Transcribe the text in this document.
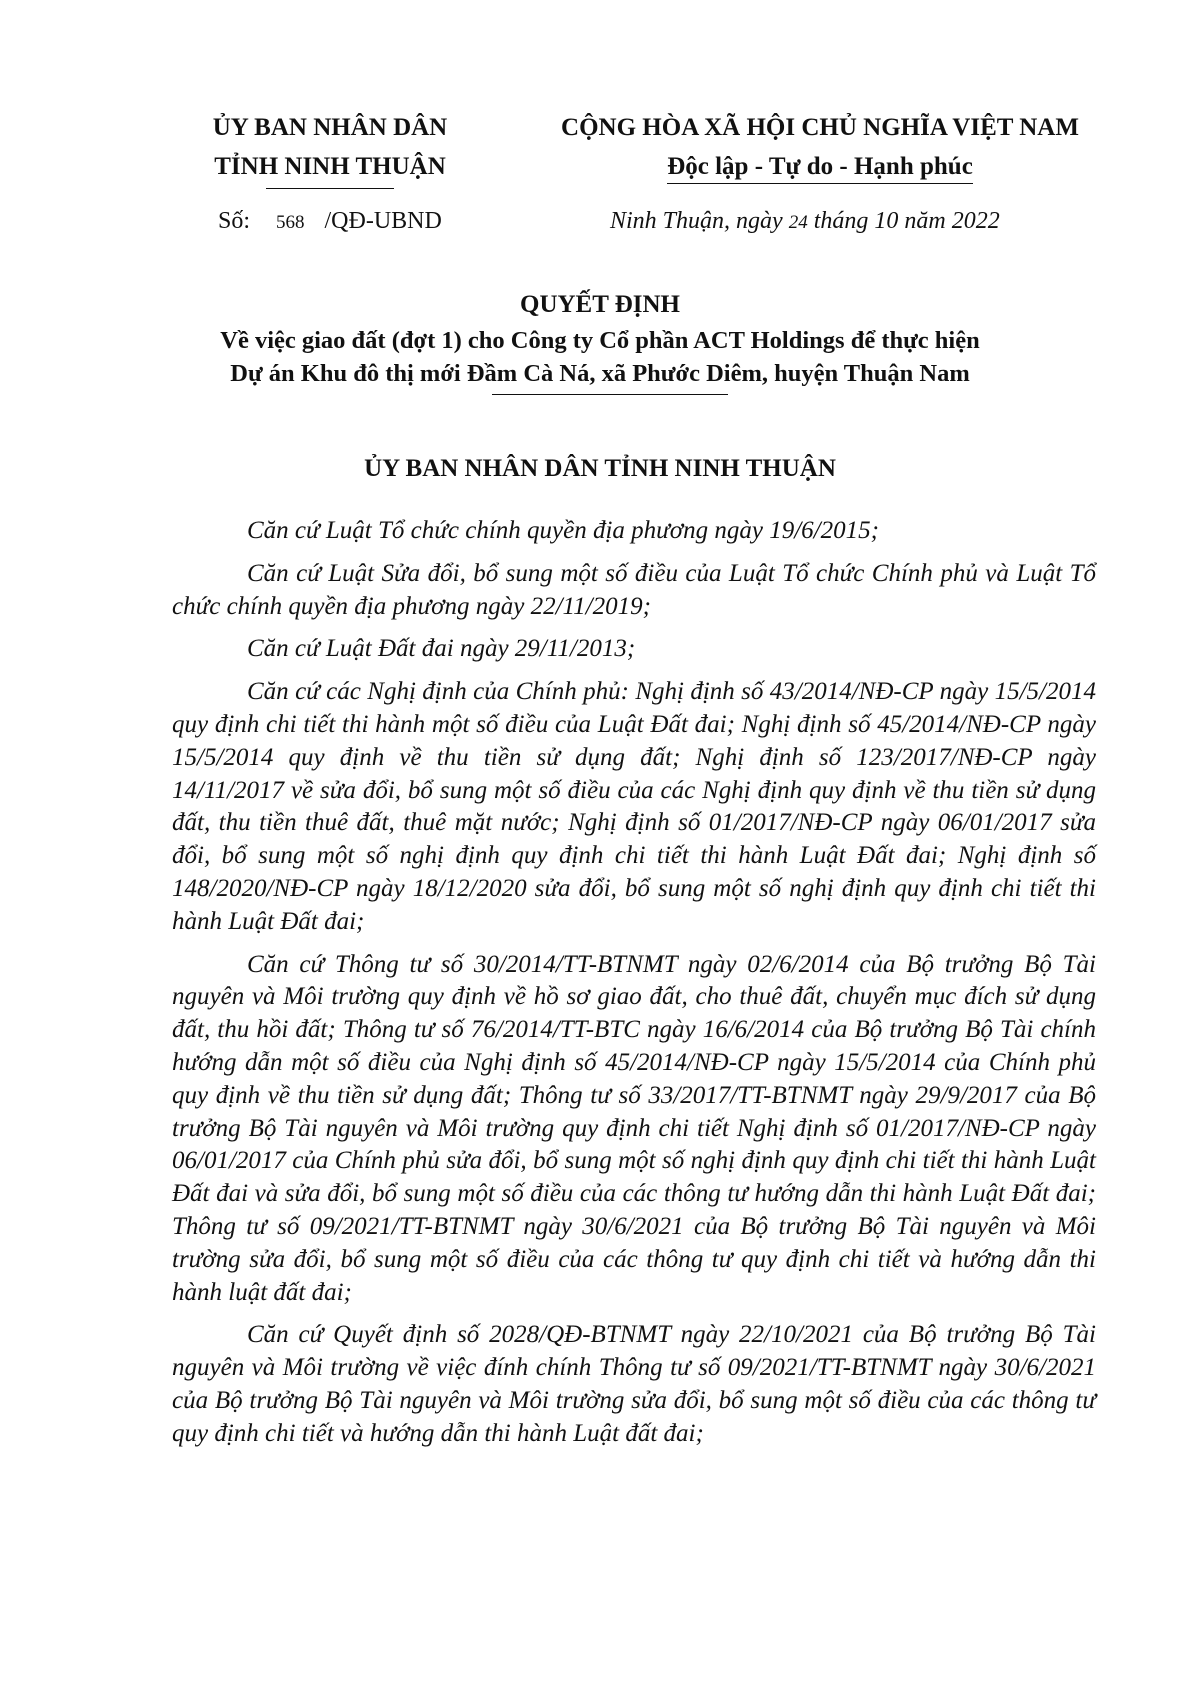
ỦY BAN NHÂN DÂN
TỈNH NINH THUẬN
CỘNG HÒA XÃ HỘI CHỦ NGHĨA VIỆT NAM
Độc lập - Tự do - Hạnh phúc
Số: 568 /QĐ-UBND	Ninh Thuận, ngày 24 tháng 10 năm 2022
QUYẾT ĐỊNH
Về việc giao đất (đợt 1) cho Công ty Cổ phần ACT Holdings để thực hiện
Dự án Khu đô thị mới Đầm Cà Ná, xã Phước Diêm, huyện Thuận Nam
ỦY BAN NHÂN DÂN TỈNH NINH THUẬN

Căn cứ Luật Tổ chức chính quyền địa phương ngày 19/6/2015;

Căn cứ Luật Sửa đổi, bổ sung một số điều của Luật Tổ chức Chính phủ và Luật Tổ chức chính quyền địa phương ngày 22/11/2019;

Căn cứ Luật Đất đai ngày 29/11/2013;

Căn cứ các Nghị định của Chính phủ: Nghị định số 43/2014/NĐ-CP ngày 15/5/2014 quy định chi tiết thi hành một số điều của Luật Đất đai; Nghị định số 45/2014/NĐ-CP ngày 15/5/2014 quy định về thu tiền sử dụng đất; Nghị định số 123/2017/NĐ-CP ngày 14/11/2017 về sửa đổi, bổ sung một số điều của các Nghị định quy định về thu tiền sử dụng đất, thu tiền thuê đất, thuê mặt nước; Nghị định số 01/2017/NĐ-CP ngày 06/01/2017 sửa đổi, bổ sung một số nghị định quy định chi tiết thi hành Luật Đất đai; Nghị định số 148/2020/NĐ-CP ngày 18/12/2020 sửa đổi, bổ sung một số nghị định quy định chi tiết thi hành Luật Đất đai;

Căn cứ Thông tư số 30/2014/TT-BTNMT ngày 02/6/2014 của Bộ trưởng Bộ Tài nguyên và Môi trường quy định về hồ sơ giao đất, cho thuê đất, chuyển mục đích sử dụng đất, thu hồi đất; Thông tư số 76/2014/TT-BTC ngày 16/6/2014 của Bộ trưởng Bộ Tài chính hướng dẫn một số điều của Nghị định số 45/2014/NĐ-CP ngày 15/5/2014 của Chính phủ quy định về thu tiền sử dụng đất; Thông tư số 33/2017/TT-BTNMT ngày 29/9/2017 của Bộ trưởng Bộ Tài nguyên và Môi trường quy định chi tiết Nghị định số 01/2017/NĐ-CP ngày 06/01/2017 của Chính phủ sửa đổi, bổ sung một số nghị định quy định chi tiết thi hành Luật Đất đai và sửa đổi, bổ sung một số điều của các thông tư hướng dẫn thi hành Luật Đất đai; Thông tư số 09/2021/TT-BTNMT ngày 30/6/2021 của Bộ trưởng Bộ Tài nguyên và Môi trường sửa đổi, bổ sung một số điều của các thông tư quy định chi tiết và hướng dẫn thi hành luật đất đai;

Căn cứ Quyết định số 2028/QĐ-BTNMT ngày 22/10/2021 của Bộ trưởng Bộ Tài nguyên và Môi trường về việc đính chính Thông tư số 09/2021/TT-BTNMT ngày 30/6/2021 của Bộ trưởng Bộ Tài nguyên và Môi trường sửa đổi, bổ sung một số điều của các thông tư quy định chi tiết và hướng dẫn thi hành Luật đất đai;
